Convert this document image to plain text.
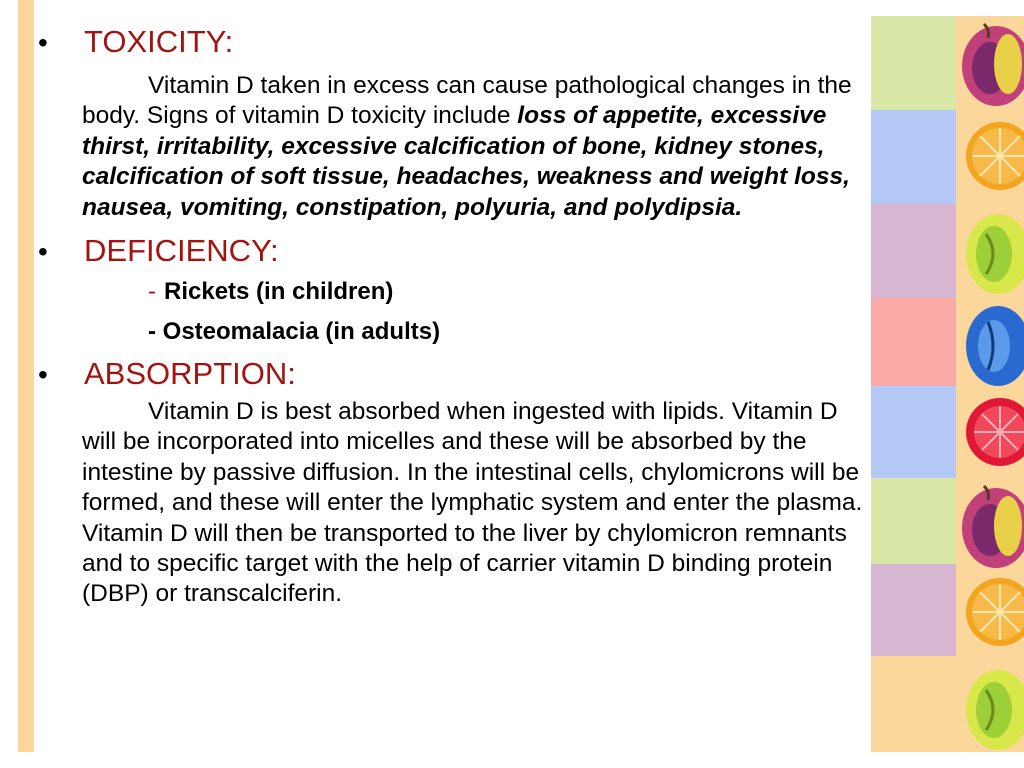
•	TOXICITY:
Vitamin D taken in excess can cause pathological changes in the body. Signs of vitamin D toxicity include loss of appetite, excessive thirst, irritability, excessive calcification of bone, kidney stones, calcification of soft tissue, headaches, weakness and weight loss, nausea, vomiting, constipation, polyuria, and polydipsia.
•	DEFICIENCY:
- Rickets (in children)
- Osteomalacia (in adults)
•	ABSORPTION:
Vitamin D is best absorbed when ingested with lipids. Vitamin D will be incorporated into micelles and these will be absorbed by the intestine by passive diffusion. In the intestinal cells, chylomicrons will be formed, and these will enter the lymphatic system and enter the plasma. Vitamin D will then be transported to the liver by chylomicron remnants and to specific target with the help of carrier vitamin D binding protein (DBP) or transcalciferin.
